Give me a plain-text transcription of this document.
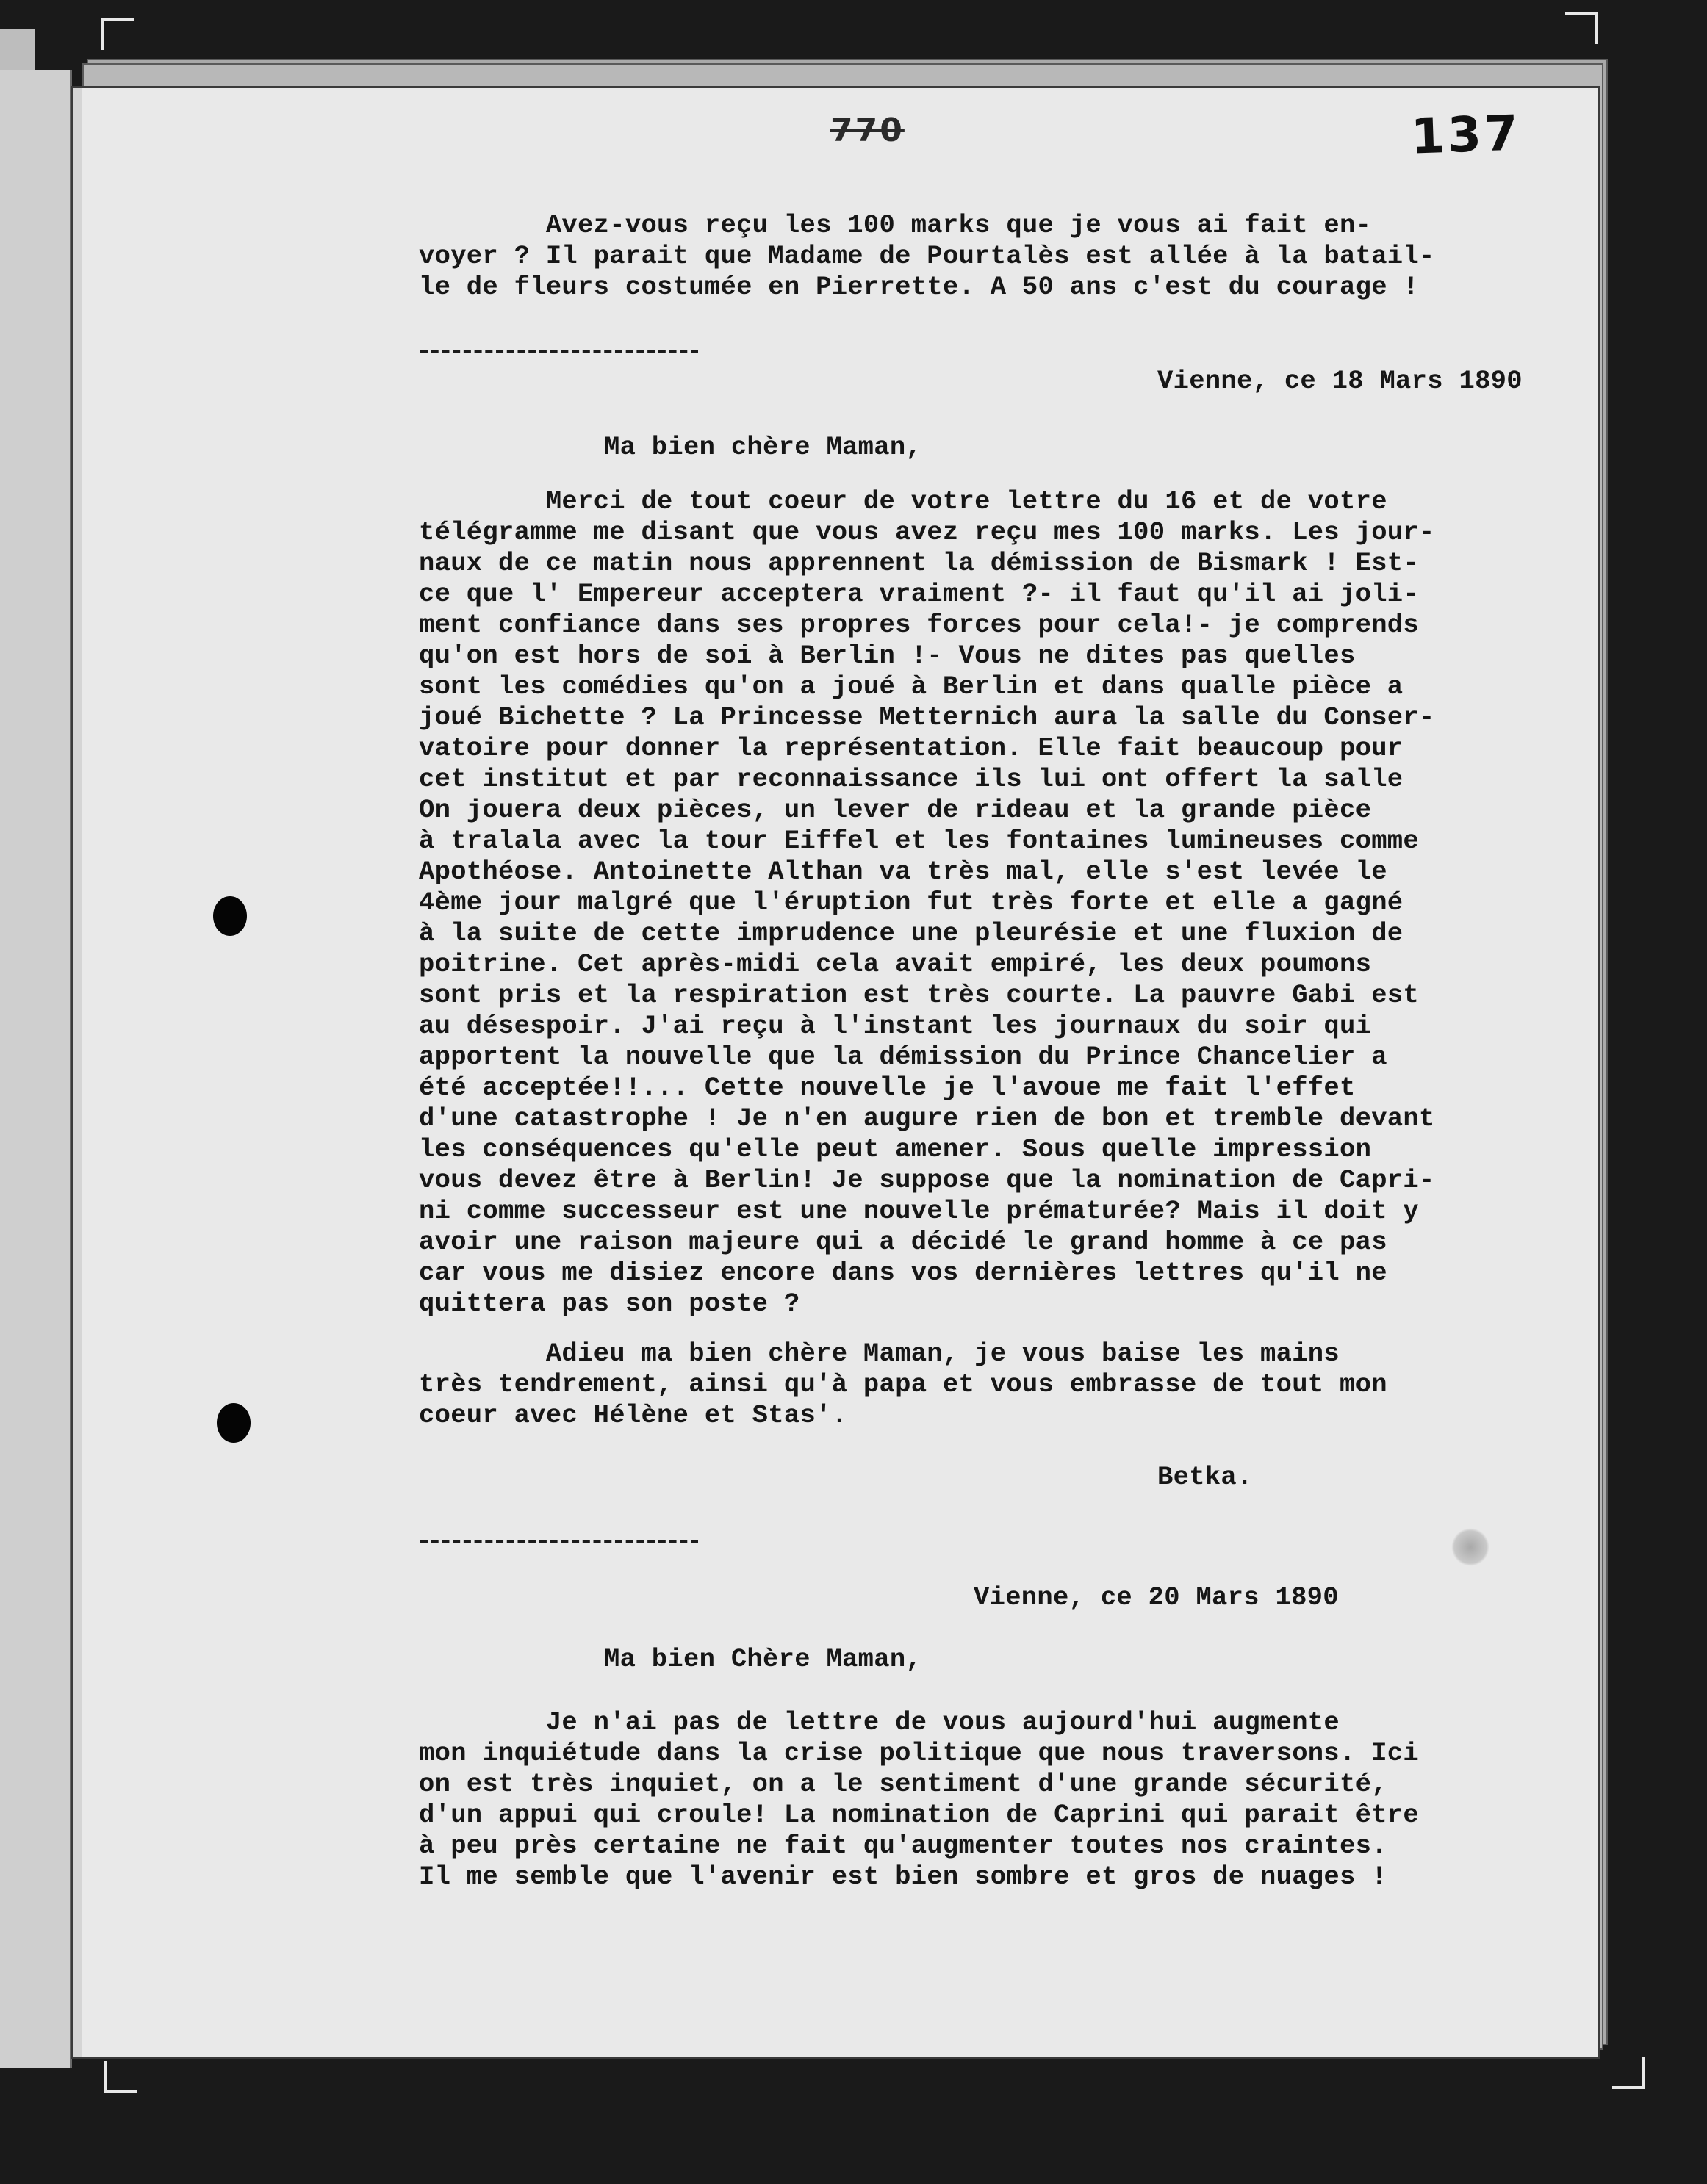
770	137
Avez-vous reçu les 100 marks que je vous ai fait en-
voyer ? Il parait que Madame de Pourtalès est allée à la batail-
le de fleurs costumée en Pierrette. A 50 ans c'est du courage !
Vienne, ce 18 Mars 1890
Ma bien chère Maman,
Merci de tout coeur de votre lettre du 16 et de votre
télégramme me disant que vous avez reçu mes 100 marks. Les jour-
naux de ce matin nous apprennent la démission de Bismark ! Est-
ce que l' Empereur acceptera vraiment ?- il faut qu'il ai joli-
ment confiance dans ses propres forces pour cela!- je comprends
qu'on est hors de soi à Berlin !- Vous ne dites pas quelles
sont les comédies qu'on a joué à Berlin et dans qualle pièce a
joué Bichette ? La Princesse Metternich aura la salle du Conser-
vatoire pour donner la représentation. Elle fait beaucoup pour
cet institut et par reconnaissance ils lui ont offert la salle
On jouera deux pièces, un lever de rideau et la grande pièce
à tralala avec la tour Eiffel et les fontaines lumineuses comme
Apothéose. Antoinette Althan va très mal, elle s'est levée le
4ème jour malgré que l'éruption fut très forte et elle a gagné
à la suite de cette imprudence une pleurésie et une fluxion de
poitrine. Cet après-midi cela avait empiré, les deux poumons
sont pris et la respiration est très courte. La pauvre Gabi est
au désespoir. J'ai reçu à l'instant les journaux du soir qui
apportent la nouvelle que la démission du Prince Chancelier a
été acceptée!!... Cette nouvelle je l'avoue me fait l'effet
d'une catastrophe ! Je n'en augure rien de bon et tremble devant
les conséquences qu'elle peut amener. Sous quelle impression
vous devez être à Berlin! Je suppose que la nomination de Capri-
ni comme successeur est une nouvelle prématurée? Mais il doit y
avoir une raison majeure qui a décidé le grand homme à ce pas
car vous me disiez encore dans vos dernières lettres qu'il ne
quittera pas son poste ?
Adieu ma bien chère Maman, je vous baise les mains
très tendrement, ainsi qu'à papa et vous embrasse de tout mon
coeur avec Hélène et Stas'.
Betka.
Vienne, ce 20 Mars 1890
Ma bien Chère Maman,
Je n'ai pas de lettre de vous aujourd'hui augmente
mon inquiétude dans la crise politique que nous traversons. Ici
on est très inquiet, on a le sentiment d'une grande sécurité,
d'un appui qui croule! La nomination de Caprini qui parait être
à peu près certaine ne fait qu'augmenter toutes nos craintes.
Il me semble que l'avenir est bien sombre et gros de nuages !
